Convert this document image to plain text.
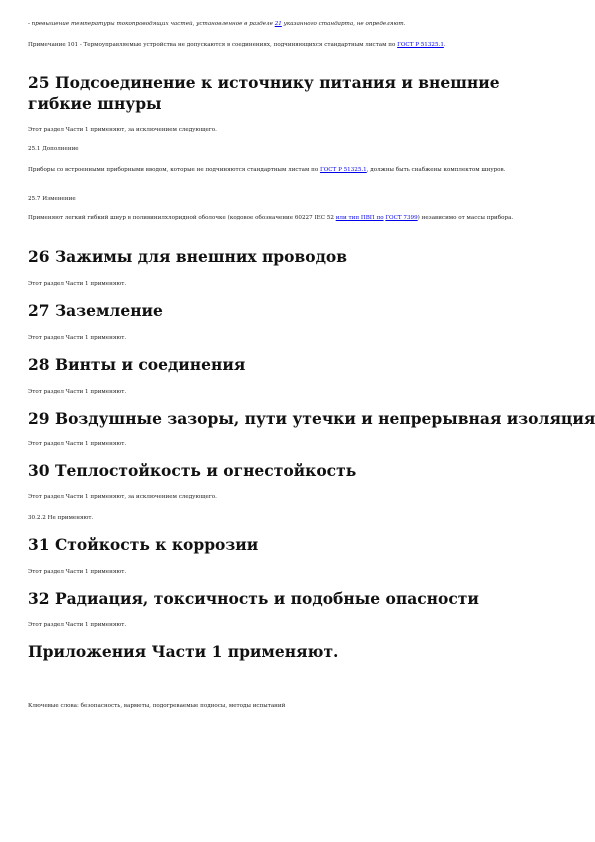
- превышение температуры токопроводящих частей, установленное в разделе 21 указанного стандарта, не определяют.

Примечание 101 - Термоуправляемые устройства не допускаются в соединениях, подчиняющихся стандартным листам по ГОСТ Р 51325.1.

25 Подсоединение к источнику питания и внешние гибкие шнуры

Этот раздел Части 1 применяют, за исключением следующего.

25.1 Дополнение

Приборы со встроенными приборными вводом, которые не подчиняются стандартным листам по ГОСТ Р 51325.1, должны быть снабжены комплектом шнуров.

25.7 Изменение

Применяют легкий гибкий шнур в поливинилхлоридной оболочке (кодовое обозначение 60227 IEC 52 или тип ПВП по ГОСТ 7399) независимо от массы прибора.

26 Зажимы для внешних проводов

Этот раздел Части 1 применяют.

27 Заземление

Этот раздел Части 1 применяют.

28 Винты и соединения

Этот раздел Части 1 применяют.

29 Воздушные зазоры, пути утечки и непрерывная изоляция

Этот раздел Части 1 применяют.

30 Теплостойкость и огнестойкость

Этот раздел Части 1 применяют, за исключением следующего.

30.2.2 Не применяют.

31 Стойкость к коррозии

Этот раздел Части 1 применяют.

32 Радиация, токсичность и подобные опасности

Этот раздел Части 1 применяют.

Приложения Части 1 применяют.

Ключевые слова: безопасность, варметы, подогреваемые подносы, методы испытаний
